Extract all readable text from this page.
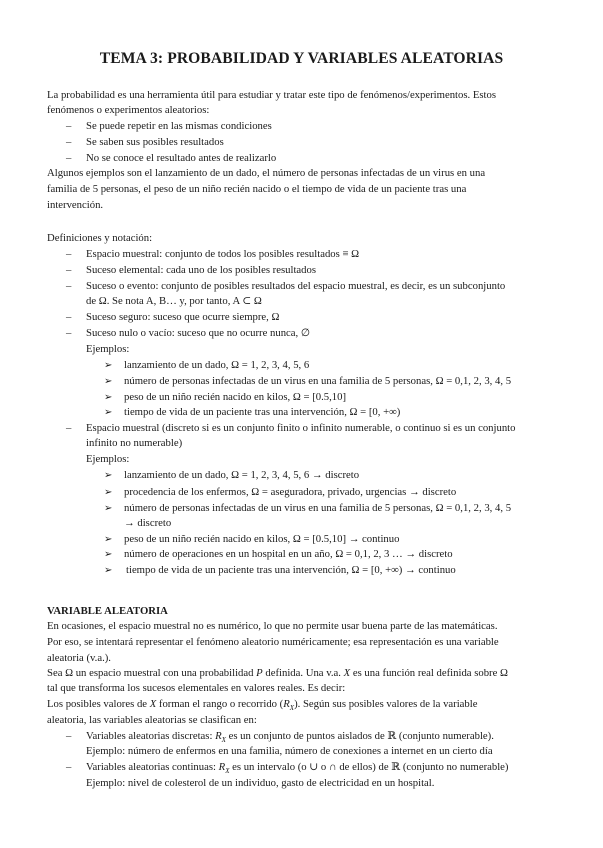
TEMA 3: PROBABILIDAD Y VARIABLES ALEATORIAS
La probabilidad es una herramienta útil para estudiar y tratar este tipo de fenómenos/experimentos. Estos
fenómenos o experimentos aleatorios:
– Se puede repetir en las mismas condiciones
– Se saben sus posibles resultados
– No se conoce el resultado antes de realizarlo
Algunos ejemplos son el lanzamiento de un dado, el número de personas infectadas de un virus en una
familia de 5 personas, el peso de un niño recién nacido o el tiempo de vida de un paciente tras una
intervención.
Definiciones y notación:
– Espacio muestral: conjunto de todos los posibles resultados ≡ Ω
– Suceso elemental: cada uno de los posibles resultados
– Suceso o evento: conjunto de posibles resultados del espacio muestral, es decir, es un subconjunto
de Ω. Se nota A, B… y, por tanto, A ⊂ Ω
– Suceso seguro: suceso que ocurre siempre, Ω
– Suceso nulo o vacío: suceso que no ocurre nunca, ∅
Ejemplos:
➢ lanzamiento de un dado, Ω = 1, 2, 3, 4, 5, 6
➢ número de personas infectadas de un virus en una familia de 5 personas, Ω = 0,1, 2, 3, 4, 5
➢ peso de un niño recién nacido en kilos, Ω = [0.5,10]
➢ tiempo de vida de un paciente tras una intervención, Ω = [0, +∞)
– Espacio muestral (discreto si es un conjunto finito o infinito numerable, o continuo si es un conjunto
infinito no numerable)
Ejemplos:
➢ lanzamiento de un dado, Ω = 1, 2, 3, 4, 5, 6 → discreto
➢ procedencia de los enfermos, Ω = aseguradora, privado, urgencias → discreto
➢ número de personas infectadas de un virus en una familia de 5 personas, Ω = 0,1, 2, 3, 4, 5
→ discreto
➢ peso de un niño recién nacido en kilos, Ω = [0.5,10] → continuo
➢ número de operaciones en un hospital en un año, Ω = 0,1, 2, 3 … → discreto
➢ tiempo de vida de un paciente tras una intervención, Ω = [0, +∞) → continuo
VARIABLE ALEATORIA
En ocasiones, el espacio muestral no es numérico, lo que no permite usar buena parte de las matemáticas.
Por eso, se intentará representar el fenómeno aleatorio numéricamente; esa representación es una variable
aleatoria (v.a.).
Sea Ω un espacio muestral con una probabilidad P definida. Una v.a. X es una función real definida sobre Ω
tal que transforma los sucesos elementales en valores reales. Es decir:
Los posibles valores de X forman el rango o recorrido $(R_X)$. Según sus posibles valores de la variable
aleatoria, las variables aleatorias se clasifican en:
– Variables aleatorias discretas: $R_X$ es un conjunto de puntos aislados de ℝ (conjunto numerable).
Ejemplo: número de enfermos en una familia, número de conexiones a internet en un cierto día
– Variables aleatorias continuas: $R_X$ es un intervalo (o ∪ o ∩ de ellos) de ℝ (conjunto no numerable)
Ejemplo: nivel de colesterol de un individuo, gasto de electricidad en un hospital.
